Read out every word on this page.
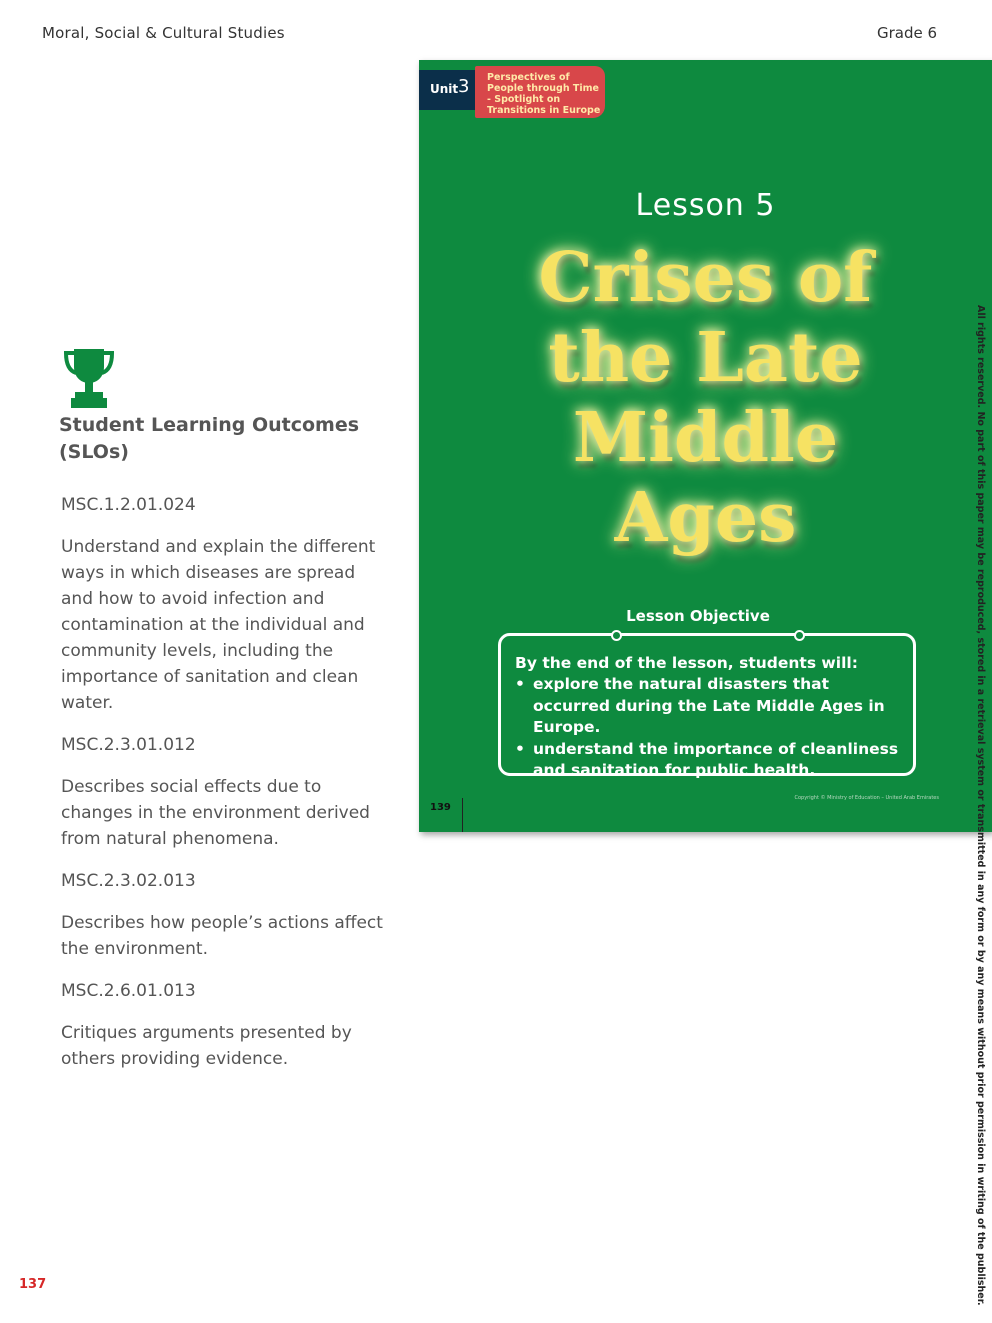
Moral, Social & Cultural Studies	Grade 6
Student Learning Outcomes (SLOs)
MSC.1.2.01.024
Understand and explain the different ways in which diseases are spread and how to avoid infection and contamination at the individual and community levels, including the importance of sanitation and clean water.
MSC.2.3.01.012
Describes social effects due to changes in the environment derived from natural phenomena.
MSC.2.3.02.013
Describes how people’s actions affect the environment.
MSC.2.6.01.013
Critiques arguments presented by others providing evidence.
137
Unit 3 Perspectives of People through Time - Spotlight on Transitions in Europe
Lesson 5
Crises of the Late Middle Ages
Lesson Objective
By the end of the lesson, students will:
• explore the natural disasters that occurred during the Late Middle Ages in Europe.
• understand the importance of cleanliness and sanitation for public health.
139
Copyright © Ministry of Education – United Arab Emirates	All rights reserved. No part of this paper may be reproduced, stored in a retrieval system or transmitted in any form or by any means without prior permission in writing of the publisher.
